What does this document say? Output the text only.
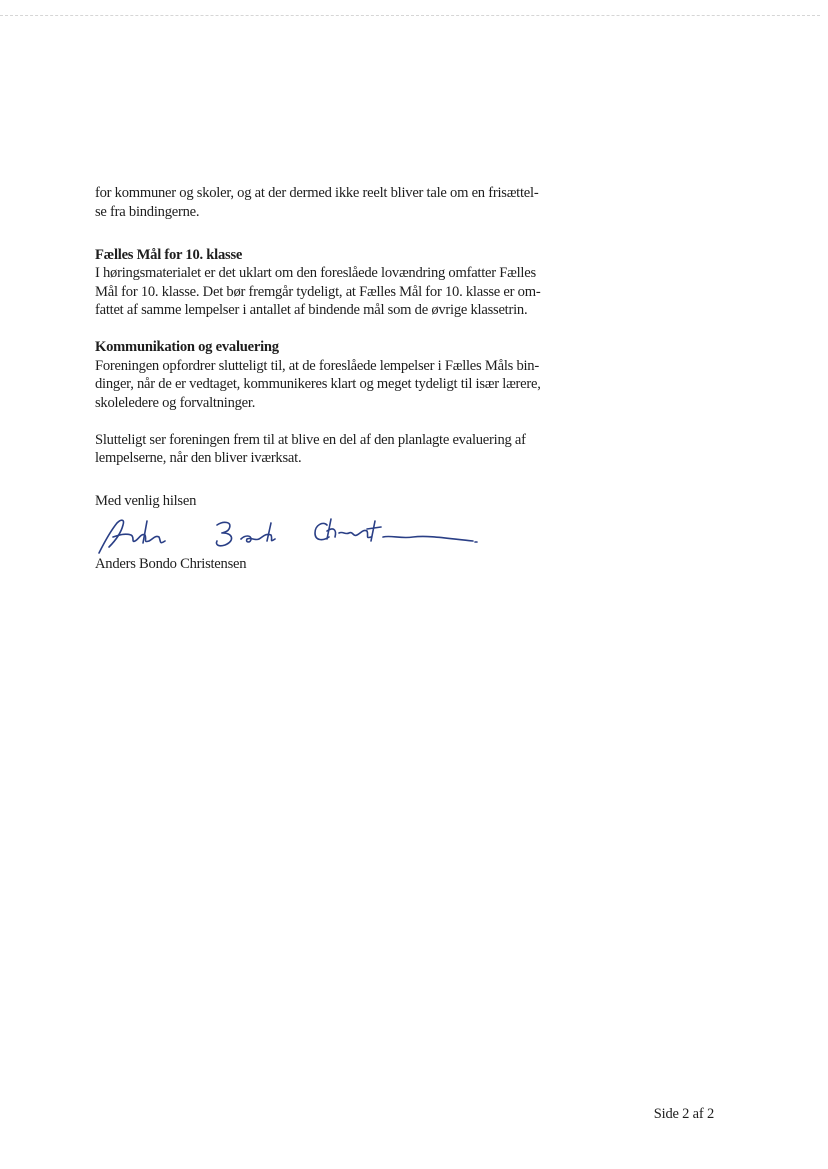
for kommuner og skoler, og at der dermed ikke reelt bliver tale om en frisættel-
se fra bindingerne.

Fælles Mål for 10. klasse
I høringsmaterialet er det uklart om den foreslåede lovændring omfatter Fælles
Mål for 10. klasse. Det bør fremgår tydeligt, at Fælles Mål for 10. klasse er om-
fattet af samme lempelser i antallet af bindende mål som de øvrige klassetrin.

Kommunikation og evaluering
Foreningen opfordrer slutteligt til, at de foreslåede lempelser i Fælles Måls bin-
dinger, når de er vedtaget, kommunikeres klart og meget tydeligt til især lærere,
skoleledere og forvaltninger.

Slutteligt ser foreningen frem til at blive en del af den planlagte evaluering af
lempelserne, når den bliver iværksat.

Med venlig hilsen

Anders Bondo Christensen

Side 2 af 2
